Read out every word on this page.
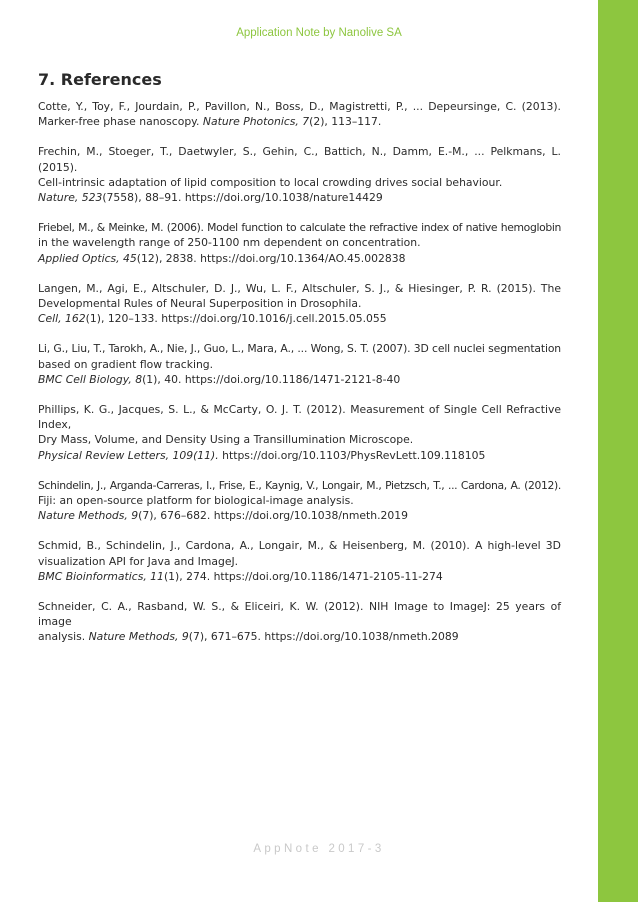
Application Note by Nanolive SA
7. References

Cotte, Y., Toy, F., Jourdain, P., Pavillon, N., Boss, D., Magistretti, P., ... Depeursinge, C. (2013).
Marker-free phase nanoscopy. Nature Photonics, 7(2), 113–117.

Frechin, M., Stoeger, T., Daetwyler, S., Gehin, C., Battich, N., Damm, E.-M., ... Pelkmans, L. (2015).
Cell-intrinsic adaptation of lipid composition to local crowding drives social behaviour.
Nature, 523(7558), 88–91. https://doi.org/10.1038/nature14429

Friebel, M., & Meinke, M. (2006). Model function to calculate the refractive index of native hemoglobin
in the wavelength range of 250-1100 nm dependent on concentration.
Applied Optics, 45(12), 2838. https://doi.org/10.1364/AO.45.002838

Langen, M., Agi, E., Altschuler, D. J., Wu, L. F., Altschuler, S. J., & Hiesinger, P. R. (2015). The
Developmental Rules of Neural Superposition in Drosophila.
Cell, 162(1), 120–133. https://doi.org/10.1016/j.cell.2015.05.055

Li, G., Liu, T., Tarokh, A., Nie, J., Guo, L., Mara, A., ... Wong, S. T. (2007). 3D cell nuclei segmentation
based on gradient flow tracking.
BMC Cell Biology, 8(1), 40. https://doi.org/10.1186/1471-2121-8-40

Phillips, K. G., Jacques, S. L., & McCarty, O. J. T. (2012). Measurement of Single Cell Refractive Index,
Dry Mass, Volume, and Density Using a Transillumination Microscope.
Physical Review Letters, 109(11). https://doi.org/10.1103/PhysRevLett.109.118105

Schindelin, J., Arganda-Carreras, I., Frise, E., Kaynig, V., Longair, M., Pietzsch, T., ... Cardona, A. (2012).
Fiji: an open-source platform for biological-image analysis.
Nature Methods, 9(7), 676–682. https://doi.org/10.1038/nmeth.2019

Schmid, B., Schindelin, J., Cardona, A., Longair, M., & Heisenberg, M. (2010). A high-level 3D
visualization API for Java and ImageJ.
BMC Bioinformatics, 11(1), 274. https://doi.org/10.1186/1471-2105-11-274

Schneider, C. A., Rasband, W. S., & Eliceiri, K. W. (2012). NIH Image to ImageJ: 25 years of image
analysis. Nature Methods, 9(7), 671–675. https://doi.org/10.1038/nmeth.2089

AppNote 2017-3
